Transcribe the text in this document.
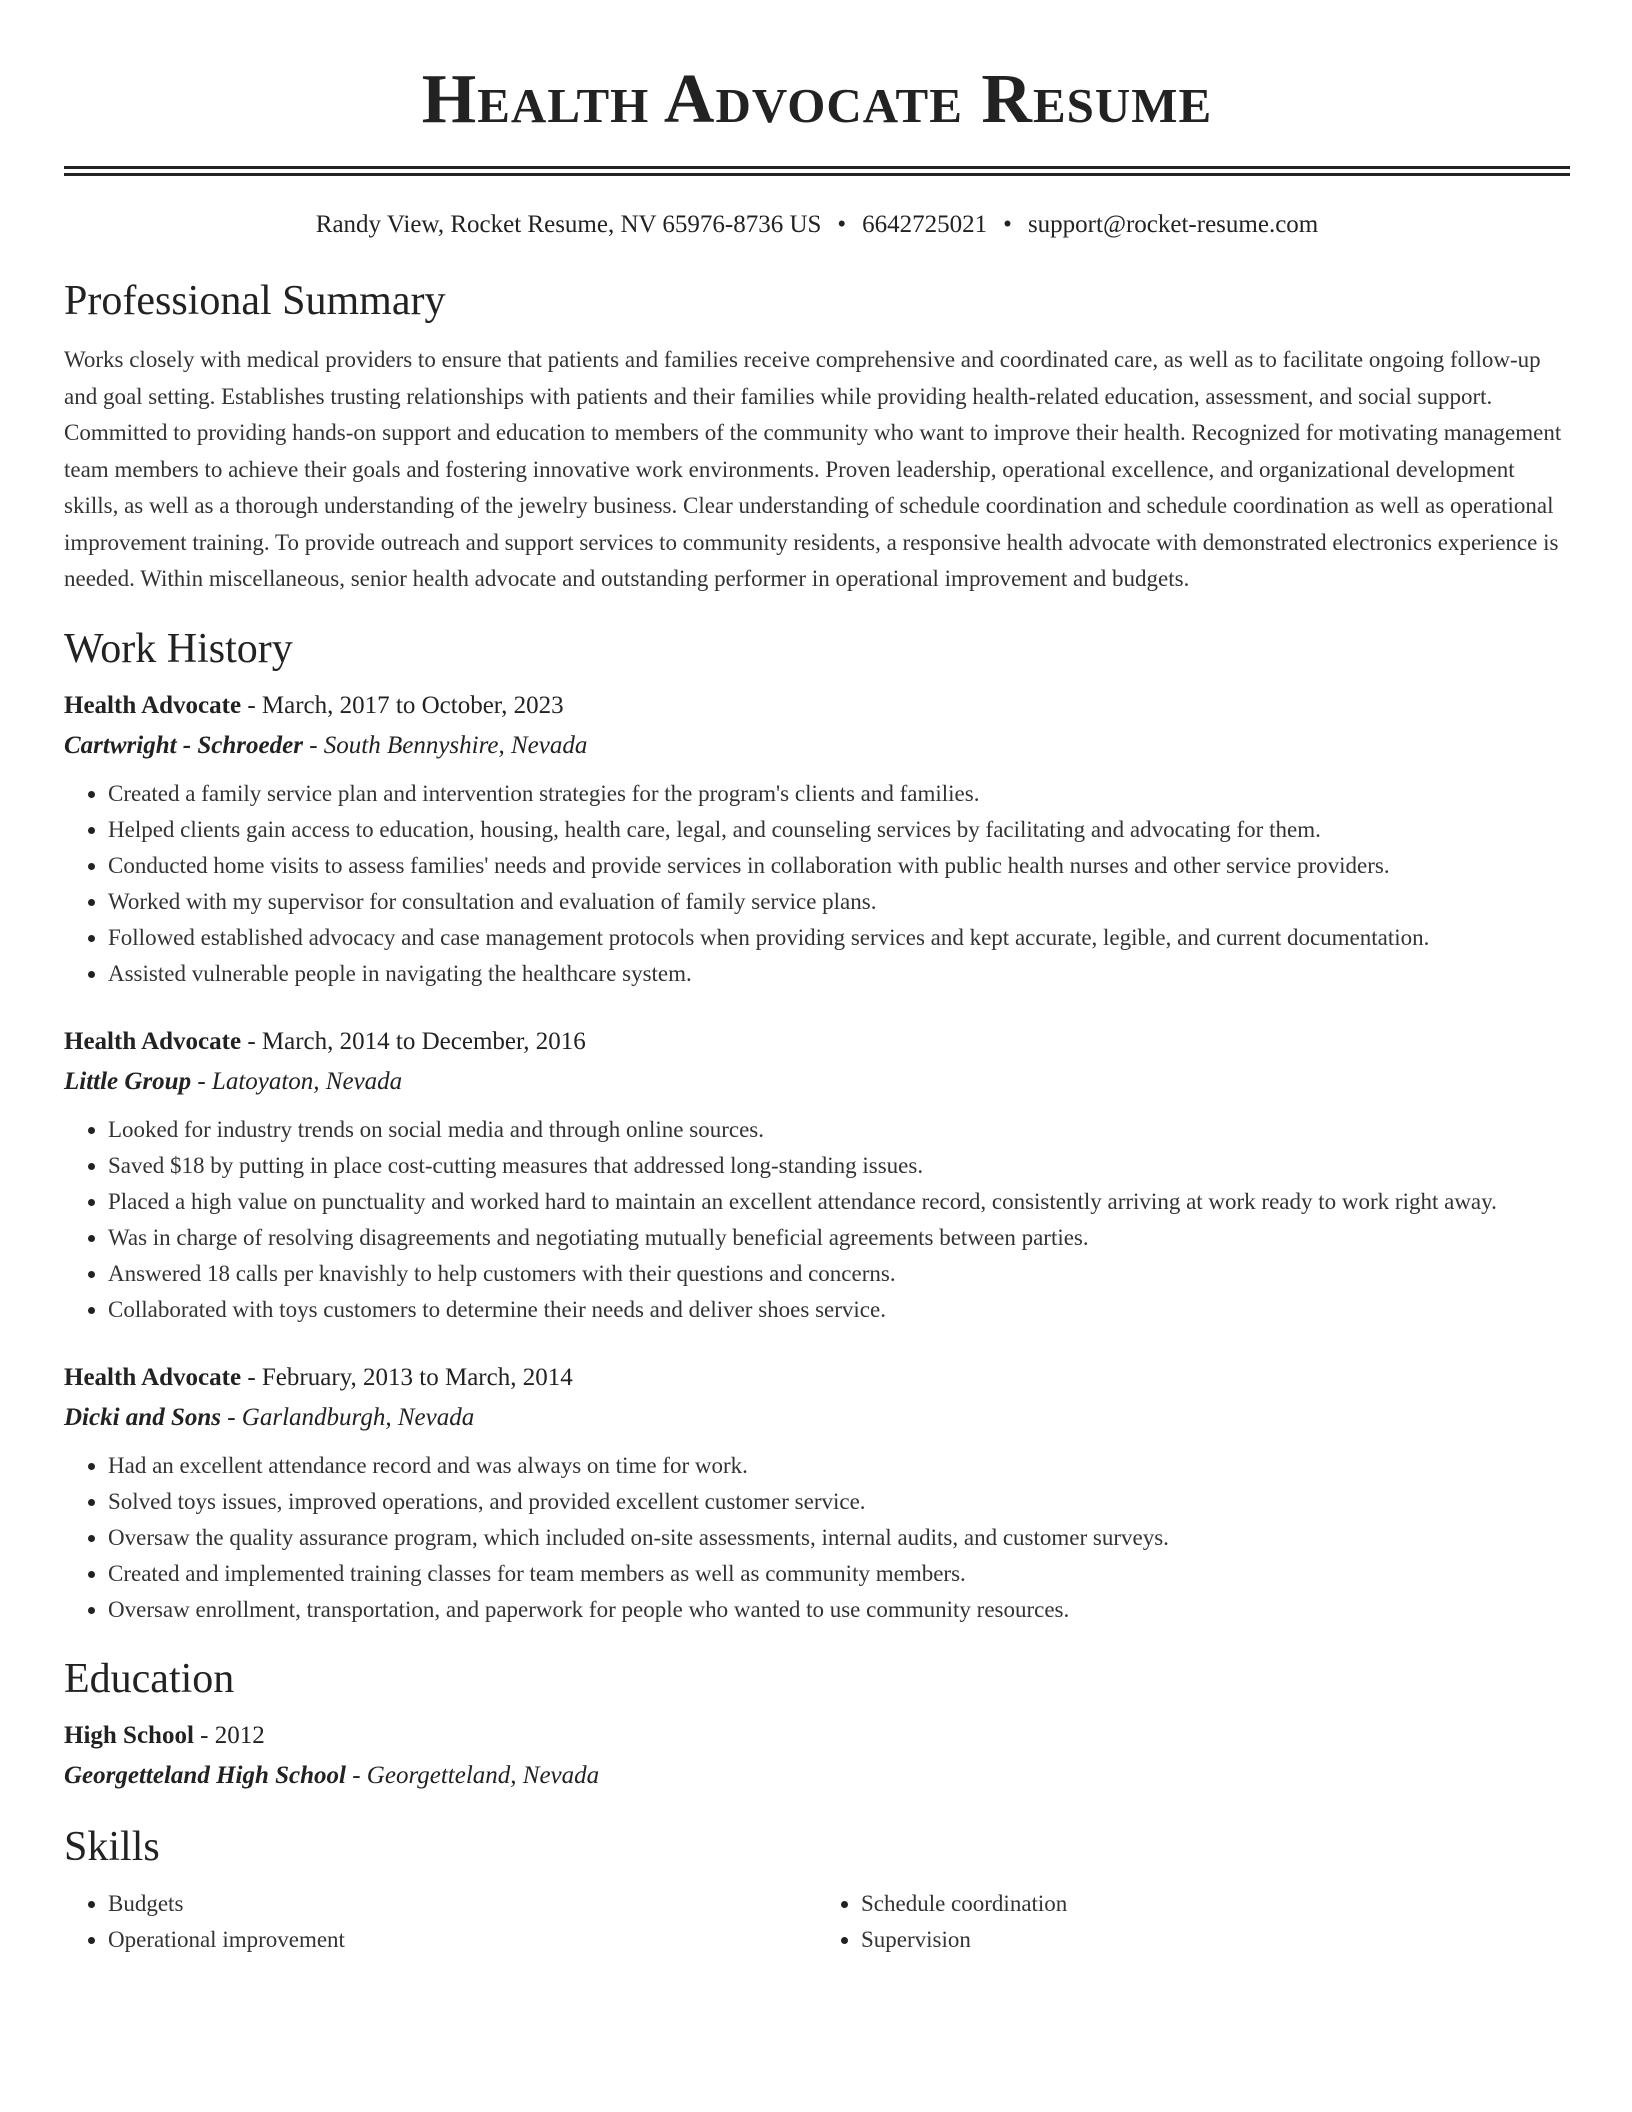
Health Advocate Resume
Randy View, Rocket Resume, NV 65976-8736 US • 6642725021 • support@rocket-resume.com
Professional Summary

Works closely with medical providers to ensure that patients and families receive comprehensive and coordinated care, as well as to facilitate ongoing follow-up and goal setting. Establishes trusting relationships with patients and their families while providing health-related education, assessment, and social support. Committed to providing hands-on support and education to members of the community who want to improve their health. Recognized for motivating management team members to achieve their goals and fostering innovative work environments. Proven leadership, operational excellence, and organizational development skills, as well as a thorough understanding of the jewelry business. Clear understanding of schedule coordination and schedule coordination as well as operational improvement training. To provide outreach and support services to community residents, a responsive health advocate with demonstrated electronics experience is needed. Within miscellaneous, senior health advocate and outstanding performer in operational improvement and budgets.

Work History
Health Advocate - March, 2017 to October, 2023
Cartwright - Schroeder - South Bennyshire, Nevada
• Created a family service plan and intervention strategies for the program's clients and families.
• Helped clients gain access to education, housing, health care, legal, and counseling services by facilitating and advocating for them.
• Conducted home visits to assess families' needs and provide services in collaboration with public health nurses and other service providers.
• Worked with my supervisor for consultation and evaluation of family service plans.
• Followed established advocacy and case management protocols when providing services and kept accurate, legible, and current documentation.
• Assisted vulnerable people in navigating the healthcare system.
Health Advocate - March, 2014 to December, 2016
Little Group - Latoyaton, Nevada
• Looked for industry trends on social media and through online sources.
• Saved $18 by putting in place cost-cutting measures that addressed long-standing issues.
• Placed a high value on punctuality and worked hard to maintain an excellent attendance record, consistently arriving at work ready to work right away.
• Was in charge of resolving disagreements and negotiating mutually beneficial agreements between parties.
• Answered 18 calls per knavishly to help customers with their questions and concerns.
• Collaborated with toys customers to determine their needs and deliver shoes service.
Health Advocate - February, 2013 to March, 2014
Dicki and Sons - Garlandburgh, Nevada
• Had an excellent attendance record and was always on time for work.
• Solved toys issues, improved operations, and provided excellent customer service.
• Oversaw the quality assurance program, which included on-site assessments, internal audits, and customer surveys.
• Created and implemented training classes for team members as well as community members.
• Oversaw enrollment, transportation, and paperwork for people who wanted to use community resources.
Education
High School - 2012
Georgetteland High School - Georgetteland, Nevada
Skills
• Budgets
• Operational improvement
• Schedule coordination
• Supervision
